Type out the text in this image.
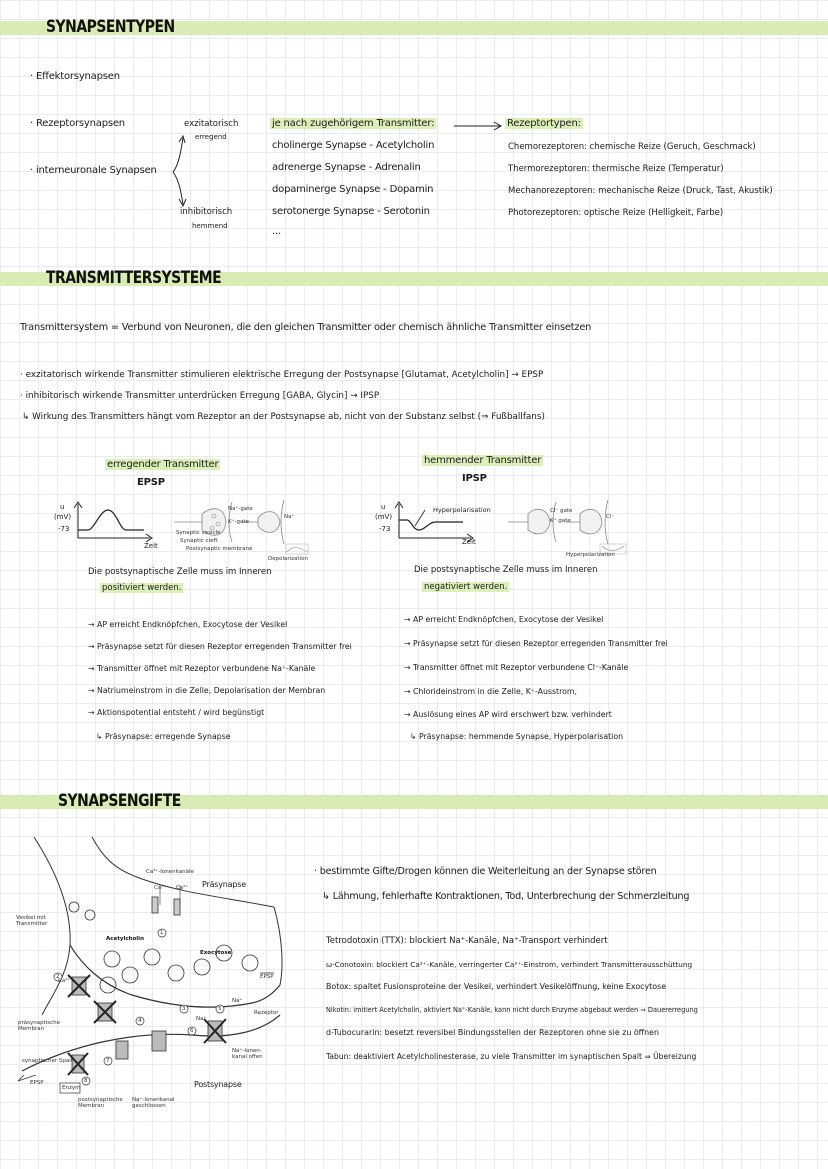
SYNAPSENTYPEN
· Effektorsynapsen
· Rezeptorsynapsen
· interneuronale Synapsen
exzitatorisch
erregend
inhibitorisch
hemmend
je nach zugehörigem Transmitter:
cholinerge Synapse - Acetylcholin
adrenerge Synapse - Adrenalin
dopaminerge Synapse - Dopamin
serotonerge Synapse - Serotonin
...
Rezeptortypen:
Chemorezeptoren: chemische Reize (Geruch, Geschmack)
Thermorezeptoren: thermische Reize (Temperatur)
Mechanorezeptoren: mechanische Reize (Druck, Tast, Akustik)
Photorezeptoren: optische Reize (Helligkeit, Farbe)
TRANSMITTERSYSTEME
Transmittersystem = Verbund von Neuronen, die den gleichen Transmitter oder chemisch ähnliche Transmitter einsetzen
· exzitatorisch wirkende Transmitter stimulieren elektrische Erregung der Postsynapse [Glutamat, Acetylcholin] → EPSP
· inhibitorisch wirkende Transmitter unterdrücken Erregung [GABA, Glycin] → IPSP
↳ Wirkung des Transmitters hängt vom Rezeptor an der Postsynapse ab, nicht von der Substanz selbst (⇒ Fußballfans)
erregender Transmitter
EPSP
u
(mV)
-73
Zeit
Na⁺-gate
K⁺-gate
Synaptic vesicle
Synaptic cleft
Postsynaptic membrane
Na⁺
Depolarization
Die postsynaptische Zelle muss im Inneren
positiviert werden.
→ AP erreicht Endknöpfchen, Exocytose der Vesikel
→ Präsynapse setzt für diesen Rezeptor erregenden Transmitter frei
→ Transmitter öffnet mit Rezeptor verbundene Na⁺-Kanäle
→ Natriumeinstrom in die Zelle, Depolarisation der Membran
→ Aktionspotential entsteht / wird begünstigt
↳ Präsynapse: erregende Synapse
hemmender Transmitter
IPSP
u
(mV)
-73
Zeit
Hyperpolarisation	Cl⁻ gate
K⁺ gate
Cl⁻
Hyperpolarization
Die postsynaptische Zelle muss im Inneren
negativiert werden.
→ AP erreicht Endknöpfchen, Exocytose der Vesikel
→ Präsynapse setzt für diesen Rezeptor erregenden Transmitter frei
→ Transmitter öffnet mit Rezeptor verbundene Cl⁻-Kanäle
→ Chlorideinstrom in die Zelle, K⁺-Ausstrom,
→ Auslösung eines AP wird erschwert bzw. verhindert
↳ Präsynapse: hemmende Synapse, Hyperpolarisation
SYNAPSENGIFTE
Ca²⁺-Ionenkanäle
Ca²⁺ Ca²⁺ Präsynapse
Vesikel mit Transmitter
Acetylcholin
Exocytose
Ca²⁺
EPSP
Na⁺
Rezeptor
präsynaptische Membran
Na⁺
Na⁺-Ionen-kanal offen
synaptischer Spalt
EPSP
Enzym	Postsynapse
postsynaptische Membran
Na⁺-Ionenkanal geschlossen
1
2
3
4
5
6
7
8
· bestimmte Gifte/Drogen können die Weiterleitung an der Synapse stören
↳ Lähmung, fehlerhafte Kontraktionen, Tod, Unterbrechung der Schmerzleitung
Tetrodotoxin (TTX): blockiert Na⁺-Kanäle, Na⁺-Transport verhindert
ω-Conotoxin: blockiert Ca²⁺-Kanäle, verringerter Ca²⁺-Einstrom, verhindert Transmitterausschüttung
Botox: spaltet Fusionsproteine der Vesikel, verhindert Vesikelöffnung, keine Exocytose
Nikotin: imitiert Acetylcholin, aktiviert Na⁺-Kanäle, kann nicht durch Enzyme abgebaut werden ⇒ Dauererregung
d-Tubocurarin: besetzt reversibel Bindungsstellen der Rezeptoren ohne sie zu öffnen
Tabun: deaktiviert Acetylcholinesterase, zu viele Transmitter im synaptischen Spalt ⇒ Übereizung
